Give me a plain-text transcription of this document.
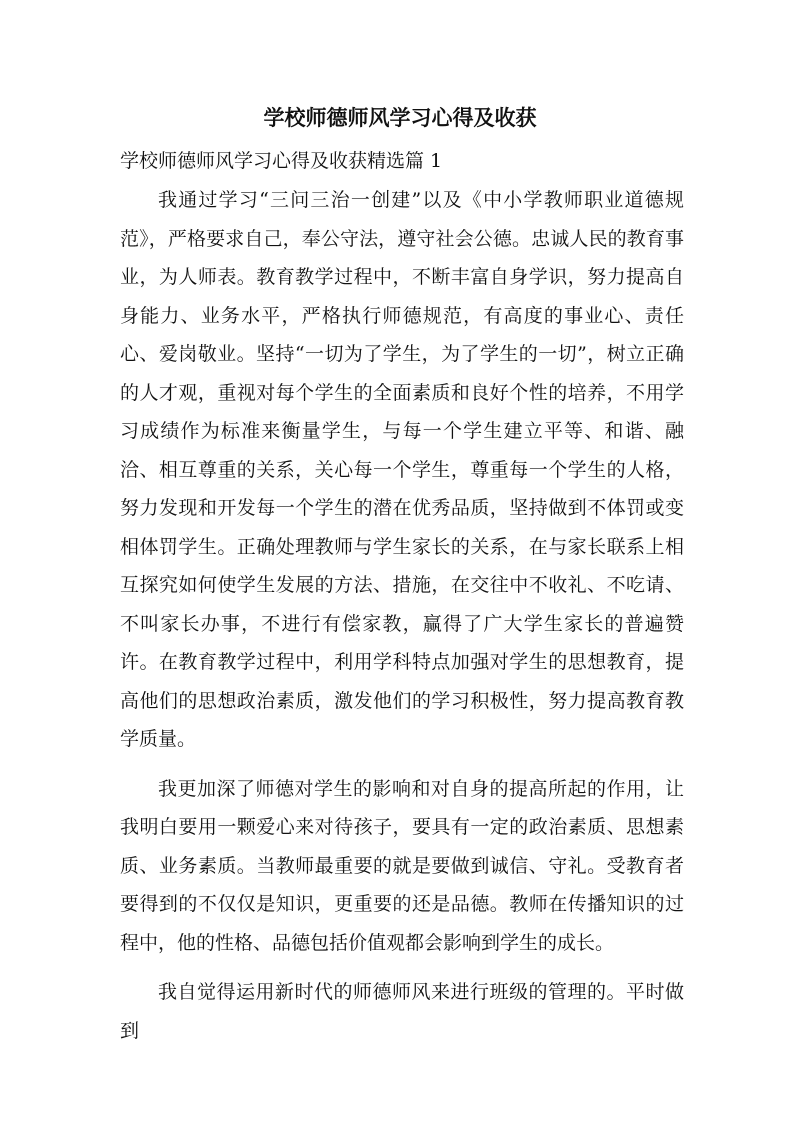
学校师德师风学习心得及收获

学校师德师风学习心得及收获精选篇 1

我通过学习“三问三治一创建”以及《中小学教师职业道德规范》，严格要求自己，奉公守法，遵守社会公德。忠诚人民的教育事业，为人师表。教育教学过程中，不断丰富自身学识，努力提高自身能力、业务水平，严格执行师德规范，有高度的事业心、责任心、爱岗敬业。坚持“一切为了学生，为了学生的一切”，树立正确的人才观，重视对每个学生的全面素质和良好个性的培养，不用学习成绩作为标准来衡量学生，与每一个学生建立平等、和谐、融洽、相互尊重的关系，关心每一个学生，尊重每一个学生的人格，努力发现和开发每一个学生的潜在优秀品质，坚持做到不体罚或变相体罚学生。正确处理教师与学生家长的关系，在与家长联系上相互探究如何使学生发展的方法、措施，在交往中不收礼、不吃请、不叫家长办事，不进行有偿家教，赢得了广大学生家长的普遍赞许。在教育教学过程中，利用学科特点加强对学生的思想教育，提高他们的思想政治素质，激发他们的学习积极性，努力提高教育教学质量。

我更加深了师德对学生的影响和对自身的提高所起的作用，让我明白要用一颗爱心来对待孩子，要具有一定的政治素质、思想素质、业务素质。当教师最重要的就是要做到诚信、守礼。受教育者要得到的不仅仅是知识，更重要的还是品德。教师在传播知识的过程中，他的性格、品德包括价值观都会影响到学生的成长。

我自觉得运用新时代的师德师风来进行班级的管理的。平时做到
